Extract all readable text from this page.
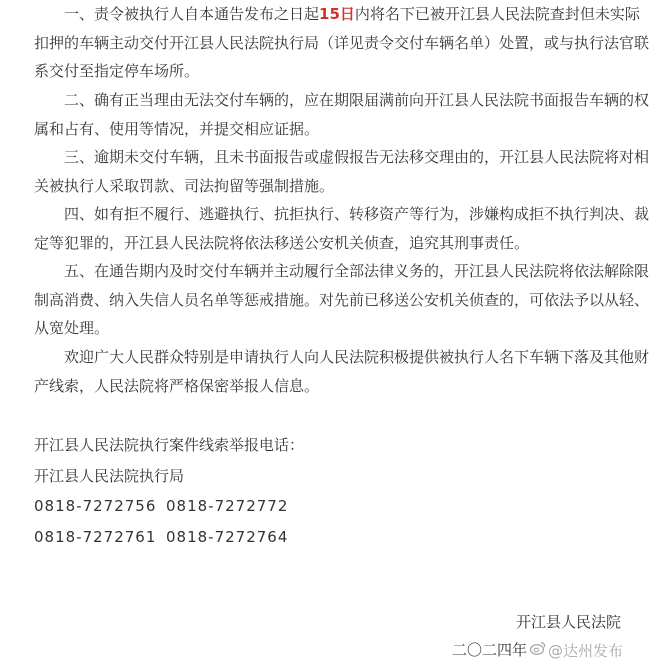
一、责令被执行人自本通告发布之日起15日内将名下已被开江县人民法院查封但未实际扣押的车辆主动交付开江县人民法院执行局（详见责令交付车辆名单）处置，或与执行法官联系交付至指定停车场所。

二、确有正当理由无法交付车辆的，应在期限届满前向开江县人民法院书面报告车辆的权属和占有、使用等情况，并提交相应证据。

三、逾期未交付车辆，且未书面报告或虚假报告无法移交理由的，开江县人民法院将对相关被执行人采取罚款、司法拘留等强制措施。

四、如有拒不履行、逃避执行、抗拒执行、转移资产等行为，涉嫌构成拒不执行判决、裁定等犯罪的，开江县人民法院将依法移送公安机关侦查，追究其刑事责任。

五、在通告期内及时交付车辆并主动履行全部法律义务的，开江县人民法院将依法解除限制高消费、纳入失信人员名单等惩戒措施。对先前已移送公安机关侦查的，可依法予以从轻、从宽处理。

欢迎广大人民群众特别是申请执行人向人民法院积极提供被执行人名下车辆下落及其他财产线索，人民法院将严格保密举报人信息。

开江县人民法院执行案件线索举报电话：
开江县人民法院执行局
0818-7272756 0818-7272772
0818-7272761 0818-7272764
开江县人民法院
二〇二四年 @达州发布
